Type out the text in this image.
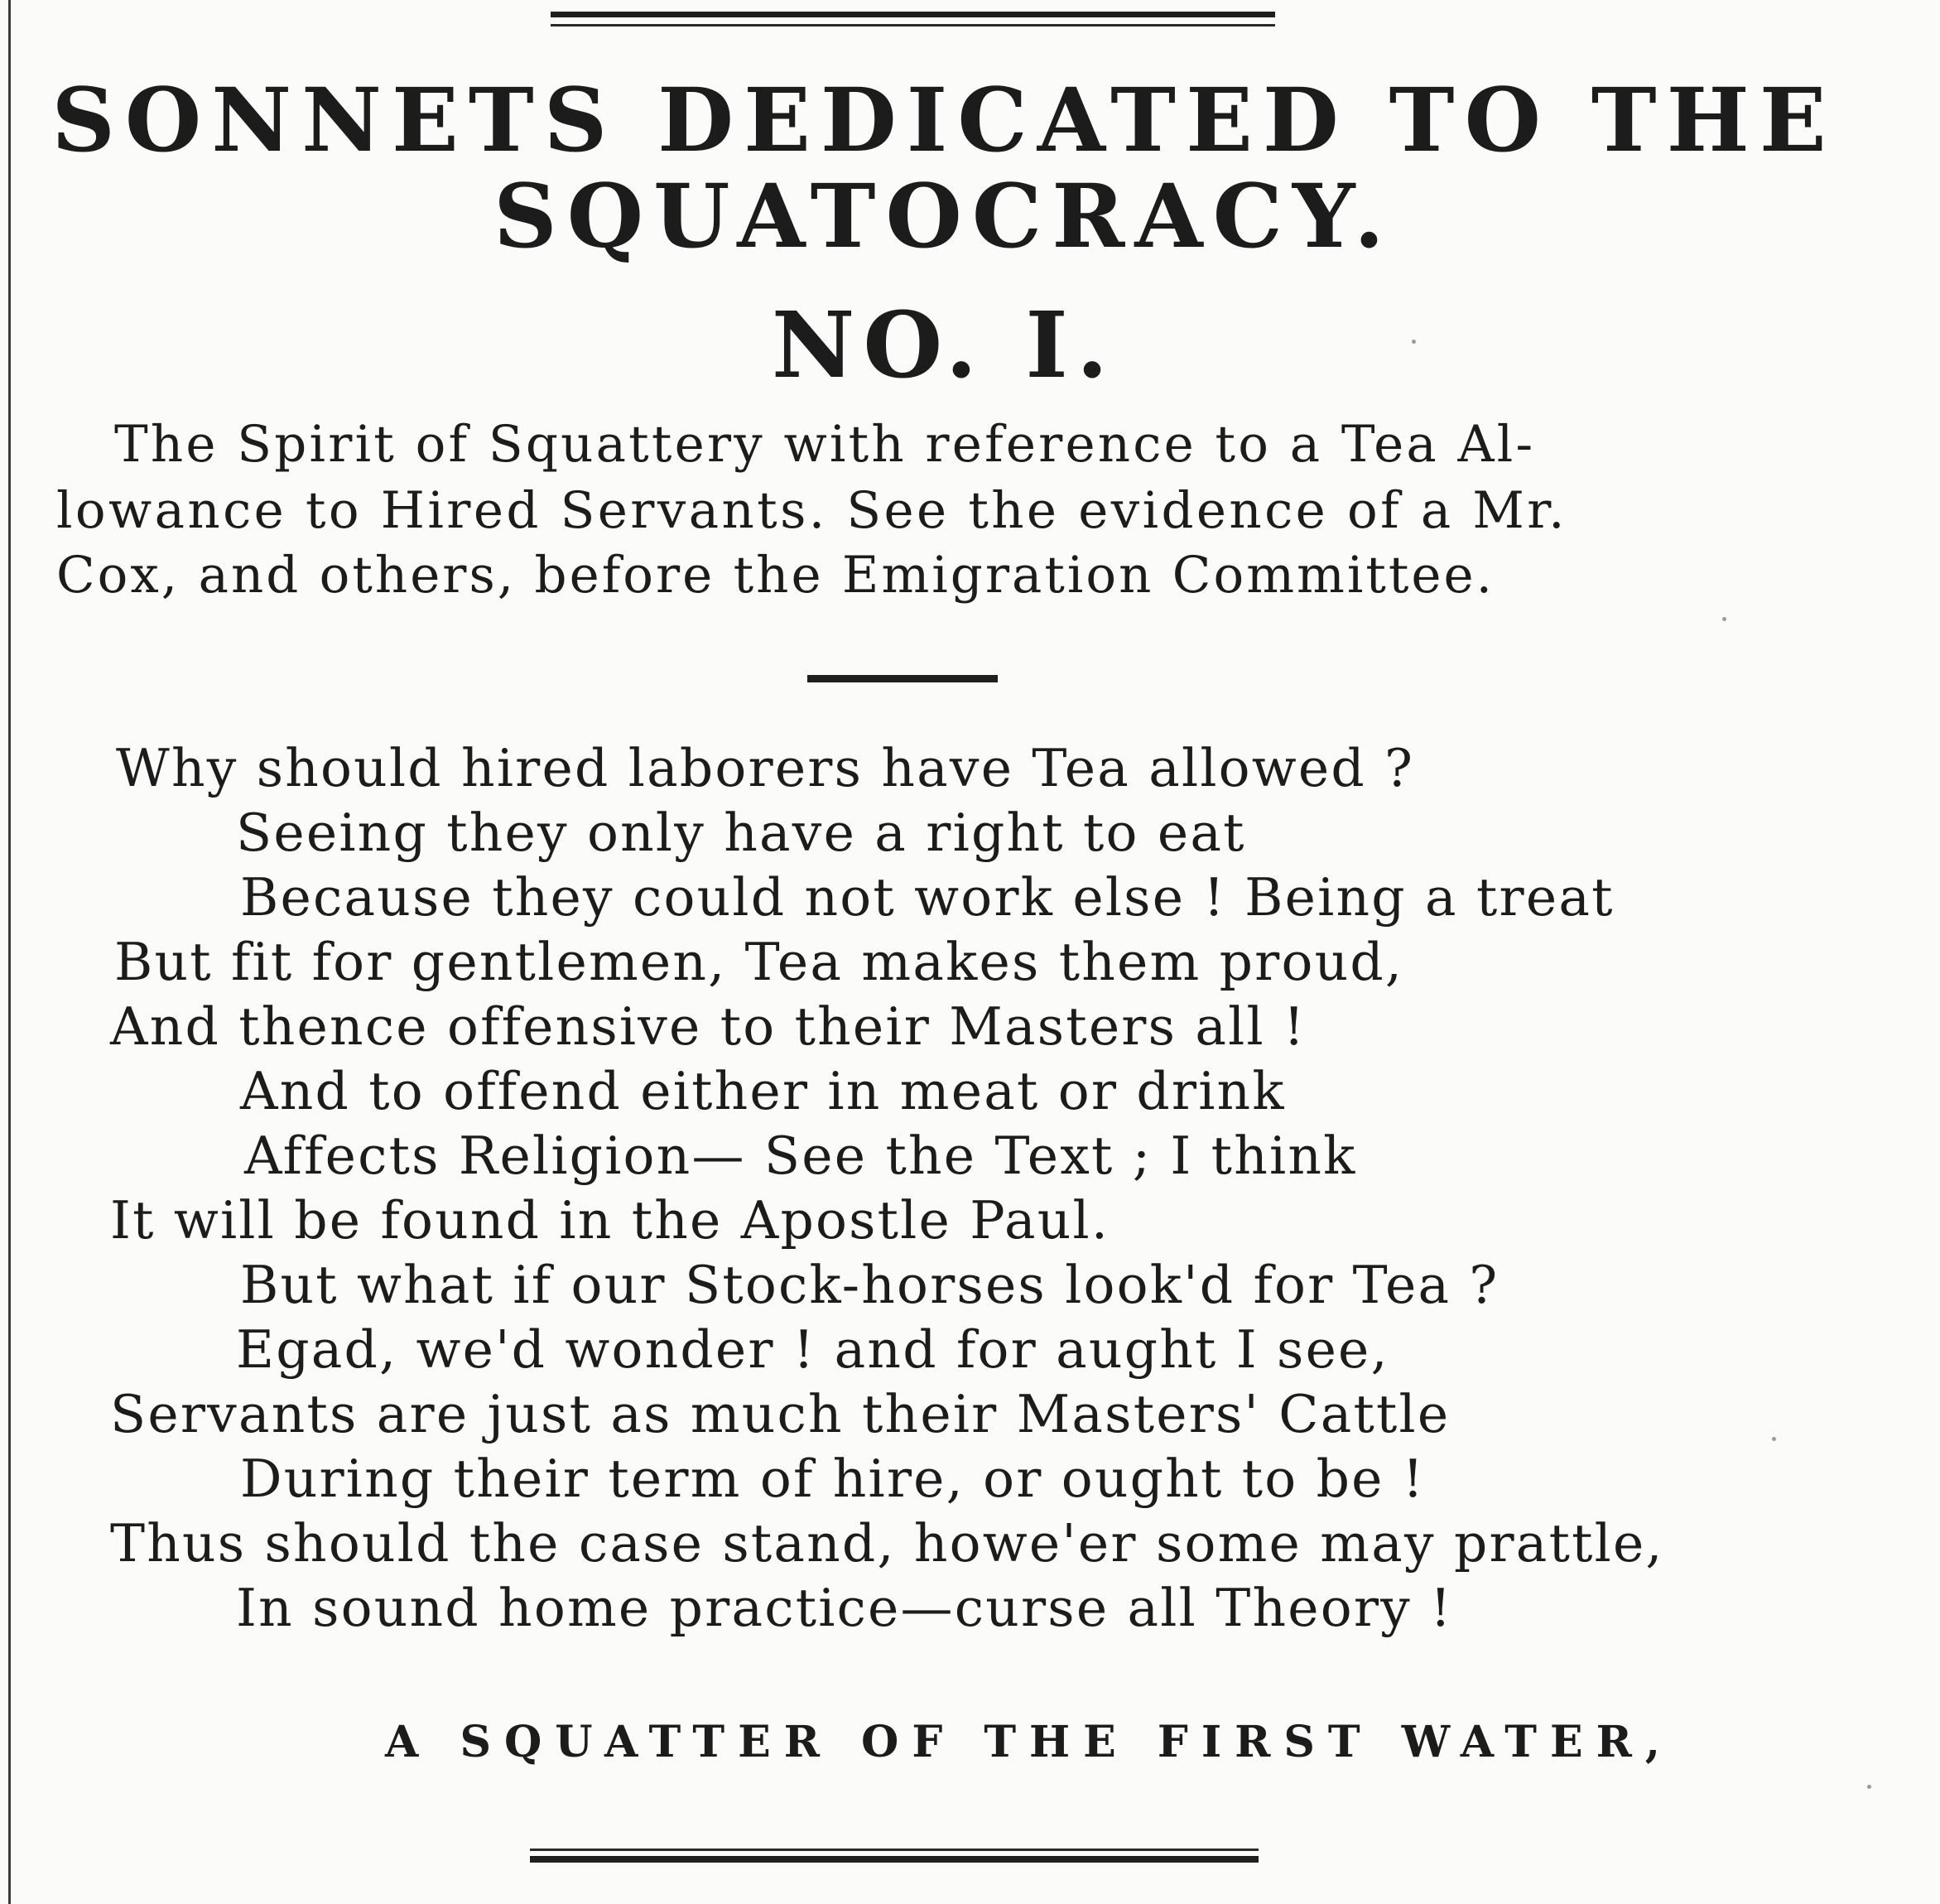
SONNETS DEDICATED TO THE
SQUATOCRACY.
NO. I.
The Spirit of Squattery with reference to a Tea Al-
lowance to Hired Servants. See the evidence of a Mr.
Cox, and others, before the Emigration Committee.
Why should hired laborers have Tea allowed ?
Seeing they only have a right to eat
Because they could not work else ! Being a treat
But fit for gentlemen, Tea makes them proud,
And thence offensive to their Masters all !
And to offend either in meat or drink
Affects Religion— See the Text ; I think
It will be found in the Apostle Paul.
But what if our Stock-horses look'd for Tea ?
Egad, we'd wonder ! and for aught I see,
Servants are just as much their Masters' Cattle
During their term of hire, or ought to be !
Thus should the case stand, howe'er some may prattle,
In sound home practice—curse all Theory !
A SQUATTER OF THE FIRST WATER,
